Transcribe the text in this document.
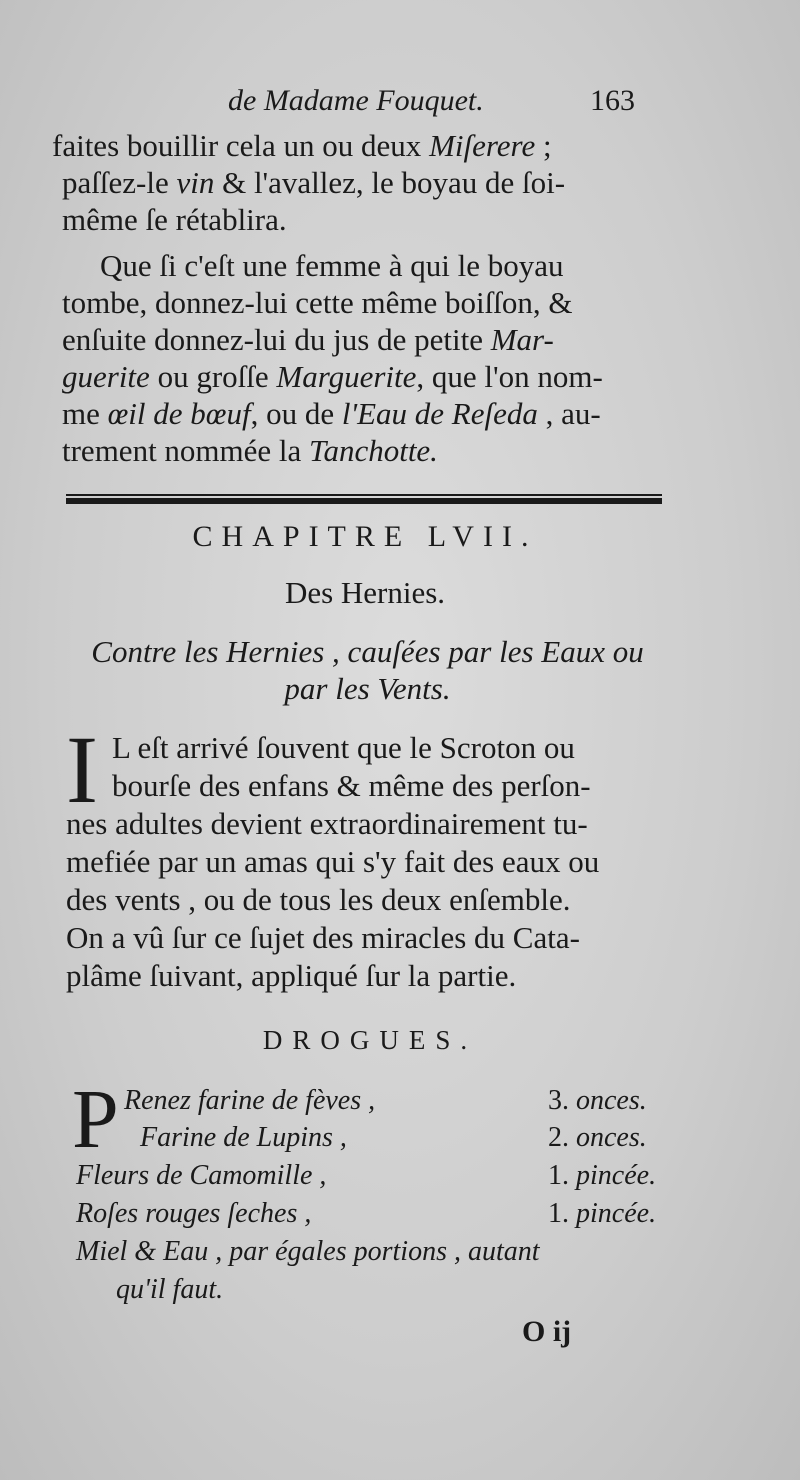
de Madame Fouquet.	163
faites bouillir cela un ou deux Miſerere ;
paſſez-le vin & l'avallez, le boyau de ſoi-
même ſe rétablira.
Que ſi c'eſt une femme à qui le boyau
tombe, donnez-lui cette même boiſſon, &
enſuite donnez-lui du jus de petite Mar-
guerite ou groſſe Marguerite, que l'on nom-
me œil de bœuf, ou de l'Eau de Reſeda , au-
trement nommée la Tanchotte.
CHAPITRE LVII.
Des Hernies.
Contre les Hernies , cauſées par les Eaux ou
par les Vents.
I L eſt arrivé ſouvent que le Scroton ou
bourſe des enfans & même des perſon-
nes adultes devient extraordinairement tu-
mefiée par un amas qui s'y fait des eaux ou
des vents , ou de tous les deux enſemble.
On a vû ſur ce ſujet des miracles du Cata-
plâme ſuivant, appliqué ſur la partie.
DROGUES.
P Renez farine de fèves ,	3. onces.
Farine de Lupins ,	2. onces.
Fleurs de Camomille ,	1. pincée.
Roſes rouges ſeches ,	1. pincée.
Miel & Eau , par égales portions , autant
qu'il faut.
O ij
